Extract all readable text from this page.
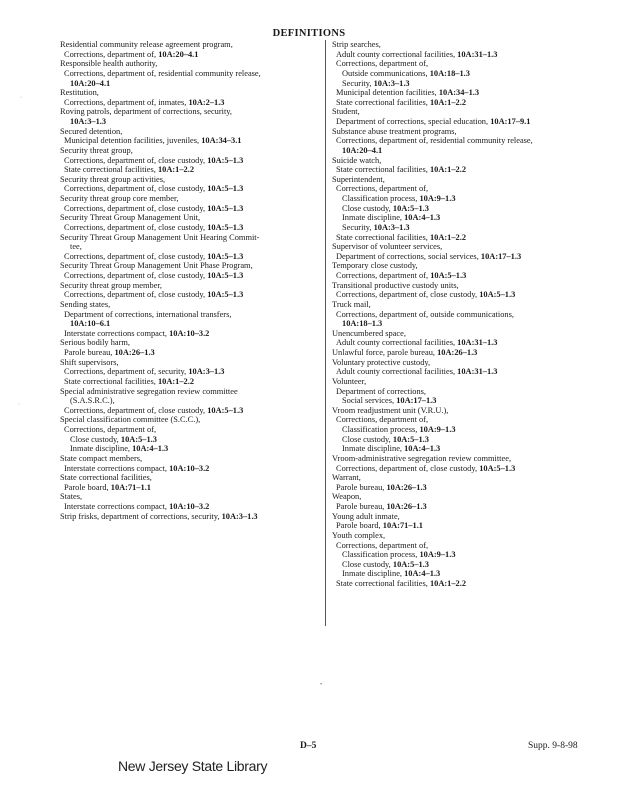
DEFINITIONS
Residential community release agreement program,
Corrections, department of, 10A:20–4.1
Responsible health authority,
Corrections, department of, residential community release,
10A:20–4.1
Restitution,
Corrections, department of, inmates, 10A:2–1.3
Roving patrols, department of corrections, security,
10A:3–1.3
Secured detention,
Municipal detention facilities, juveniles, 10A:34–3.1
Security threat group,
Corrections, department of, close custody, 10A:5–1.3
State correctional facilities, 10A:1–2.2
Security threat group activities,
Corrections, department of, close custody, 10A:5–1.3
Security threat group core member,
Corrections, department of, close custody, 10A:5–1.3
Security Threat Group Management Unit,
Corrections, department of, close custody, 10A:5–1.3
Security Threat Group Management Unit Hearing Commit-
tee,
Corrections, department of, close custody, 10A:5–1.3
Security Threat Group Management Unit Phase Program,
Corrections, department of, close custody, 10A:5–1.3
Security threat group member,
Corrections, department of, close custody, 10A:5–1.3
Sending states,
Department of corrections, international transfers,
10A:10–6.1
Interstate corrections compact, 10A:10–3.2
Serious bodily harm,
Parole bureau, 10A:26–1.3
Shift supervisors,
Corrections, department of, security, 10A:3–1.3
State correctional facilities, 10A:1–2.2
Special administrative segregation review committee
(S.A.S.R.C.),
Corrections, department of, close custody, 10A:5–1.3
Special classification committee (S.C.C.),
Corrections, department of,
Close custody, 10A:5–1.3
Inmate discipline, 10A:4–1.3
State compact members,
Interstate corrections compact, 10A:10–3.2
State correctional facilities,
Parole board, 10A:71–1.1
States,
Interstate corrections compact, 10A:10–3.2
Strip frisks, department of corrections, security, 10A:3–1.3
Strip searches,
Adult county correctional facilities, 10A:31–1.3
Corrections, department of,
Outside communications, 10A:18–1.3
Security, 10A:3–1.3
Municipal detention facilities, 10A:34–1.3
State correctional facilities, 10A:1–2.2
Student,
Department of corrections, special education, 10A:17–9.1
Substance abuse treatment programs,
Corrections, department of, residential community release,
10A:20–4.1
Suicide watch,
State correctional facilities, 10A:1–2.2
Superintendent,
Corrections, department of,
Classification process, 10A:9–1.3
Close custody, 10A:5–1.3
Inmate discipline, 10A:4–1.3
Security, 10A:3–1.3
State correctional facilities, 10A:1–2.2
Supervisor of volunteer services,
Department of corrections, social services, 10A:17–1.3
Temporary close custody,
Corrections, department of, 10A:5–1.3
Transitional productive custody units,
Corrections, department of, close custody, 10A:5–1.3
Truck mail,
Corrections, department of, outside communications,
10A:18–1.3
Unencumbered space,
Adult county correctional facilities, 10A:31–1.3
Unlawful force, parole bureau, 10A:26–1.3
Voluntary protective custody,
Adult county correctional facilities, 10A:31–1.3
Volunteer,
Department of corrections,
Social services, 10A:17–1.3
Vroom readjustment unit (V.R.U.),
Corrections, department of,
Classification process, 10A:9–1.3
Close custody, 10A:5–1.3
Inmate discipline, 10A:4–1.3
Vroom-administrative segregation review committee,
Corrections, department of, close custody, 10A:5–1.3
Warrant,
Parole bureau, 10A:26–1.3
Weapon,
Parole bureau, 10A:26–1.3
Young adult inmate,
Parole board, 10A:71–1.1
Youth complex,
Corrections, department of,
Classification process, 10A:9–1.3
Close custody, 10A:5–1.3
Inmate discipline, 10A:4–1.3
State correctional facilities, 10A:1–2.2
D–5	Supp. 9-8-98
New Jersey State Library
·
·
•
